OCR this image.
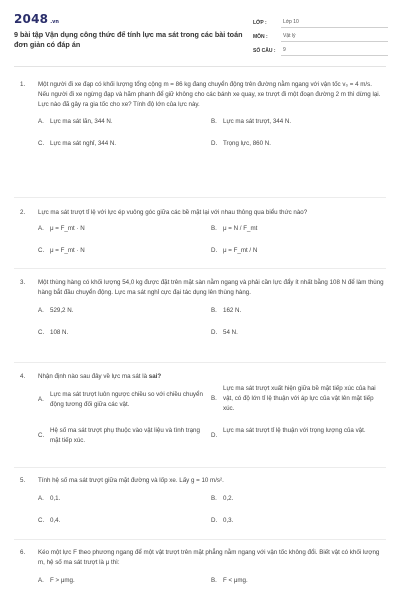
2048 .vn
9 bài tập Vận dụng công thức để tính lực ma sát trong các bài toán đơn giản có đáp án
LỚP :	Lớp 10
MÔN :	Vật lý
SỐ CÂU :	9
1.	Một người đi xe đạp có khối lượng tổng cộng m = 86 kg đang chuyển động trên đường nằm ngang với vận tốc v₀ = 4 m/s. Nếu người đi xe ngừng đạp và hãm phanh để giữ không cho các bánh xe quay, xe trượt đi một đoạn đường 2 m thì dừng lại. Lực nào đã gây ra gia tốc cho xe? Tính độ lớn của lực này.
A. Lực ma sát lăn, 344 N.	B. Lực ma sát trượt, 344 N.
C. Lực ma sát nghỉ, 344 N.	D. Trọng lực, 860 N.
2.	Lực ma sát trượt tỉ lệ với lực ép vuông góc giữa các bề mặt lại với nhau thông qua biểu thức nào?
A. μ = F_mt · N	B. μ = N / F_mt
C. μ = F_mt · N	D. μ = F_mt / N
3.	Một thùng hàng có khối lượng 54,0 kg được đặt trên mặt sàn nằm ngang và phải cần lực đẩy ít nhất bằng 108 N để làm thùng hàng bắt đầu chuyển động. Lực ma sát nghỉ cực đại tác dụng lên thùng hàng.
A. 529,2 N.	B. 162 N.
C. 108 N.	D. 54 N.
4.	Nhận định nào sau đây về lực ma sát là sai?
A.
Lực ma sát trượt luôn ngược chiều so với chiều chuyển động tương đối giữa các vật.
B.
Lực ma sát trượt xuất hiện giữa bề mặt tiếp xúc của hai vật, có độ lớn tỉ lệ thuận với áp lực của vật lên mặt tiếp xúc.
C.
Hệ số ma sát trượt phụ thuộc vào vật liệu và tình trạng mặt tiếp xúc.
D.
Lực ma sát trượt tỉ lệ thuận với trọng lượng của vật.
5.	Tính hệ số ma sát trượt giữa mặt đường và lốp xe. Lấy g = 10 m/s².
A. 0,1.	B. 0,2.
C. 0,4.	D. 0,3.
6.	Kéo một lực F theo phương ngang để một vật trượt trên mặt phẳng nằm ngang với vận tốc không đổi. Biết vật có khối lượng m, hệ số ma sát trượt là μ thì:
A. F > μmg.	B. F < μmg.
